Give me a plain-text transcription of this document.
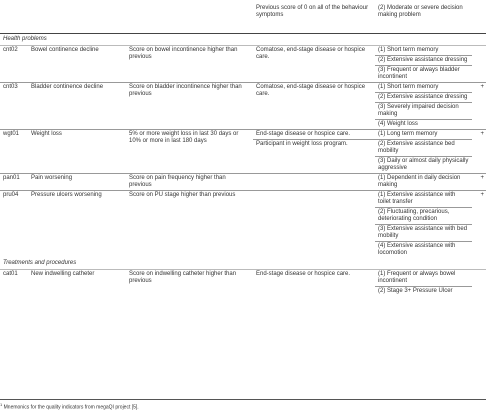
			Previous score of 0 on all of the behaviour symptoms	(2) Moderate or severe decision making problem	
Health problems					
cnt02	Bowel continence decline	Score on bowel incontinence higher than previous	Comatose, end-stage disease or hospice care.	(1) Short term memory	
				(2) Extensive assistance dressing	
				(3) Frequent or always bladder incontinent	
cnt03	Bladder continence decline	Score on bladder incontinence higher than previous	Comatose, end-stage disease or hospice care.	(1) Short term memory	+
				(2) Extensive assistance dressing	
				(3) Severely impaired decision making	
				(4) Weight loss	
wgt01	Weight loss	5% or more weight loss in last 30 days or 10% or more in last 180 days	End-stage disease or hospice care.	(1) Long term memory	+
			Participant in weight loss program.	(2) Extensive assistance bed mobility	
				(3) Daily or almost daily physically aggressive	
pan01	Pain worsening	Score on pain frequency higher than previous		(1) Dependent in daily decision making	+
pru04	Pressure ulcers worsening	Score on PU stage higher than previous		(1) Extensive assistance with toilet transfer	+
				(2) Fluctuating, precarious, deteriorating condition	
				(3) Extensive assistance with bed mobility	
				(4) Extensive assistance with locomotion	
Treatments and procedures					
cat01	New indwelling catheter	Score on indwelling catheter higher than previous	End-stage disease or hospice care.	(1) Frequent or always bowel incontinent	
				(2) Stage 3+ Pressure Ulcer	
$^1$ Mnemonics for the quality indicators from megaQI project [5].
